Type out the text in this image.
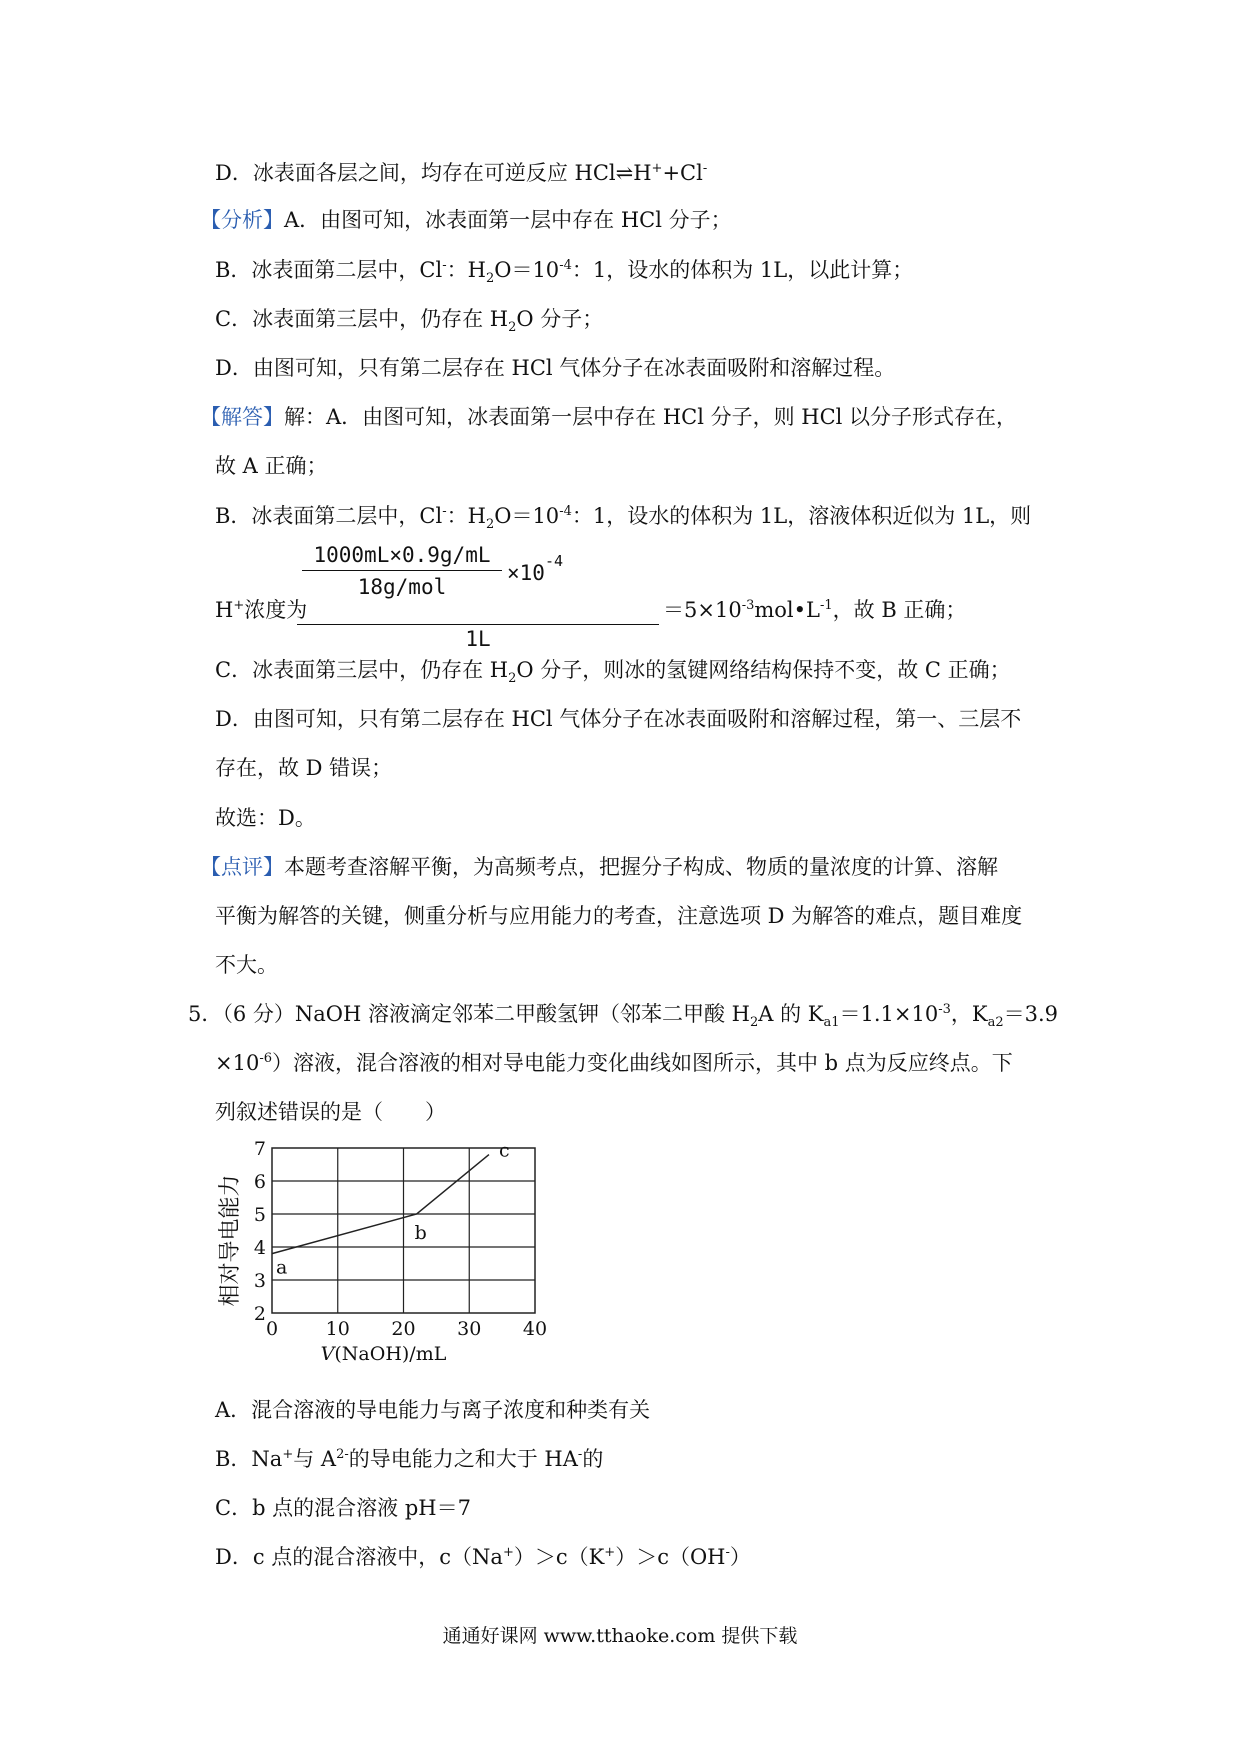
D．冰表面各层之间，均存在可逆反应 HCl⇌H++Cl-
【分析】A．由图可知，冰表面第一层中存在 HCl 分子；
B．冰表面第二层中，Cl-：$H_2O=10^{-4}$：1，设水的体积为 1L，以此计算；
C．冰表面第三层中，仍存在 $H_2O$ 分子；
D．由图可知，只有第二层存在 HCl 气体分子在冰表面吸附和溶解过程。
【解答】解：A．由图可知，冰表面第一层中存在 HCl 分子，则 HCl 以分子形式存在，
故 A 正确；
B．冰表面第二层中，Cl-：$H_2O=10^{-4}$：1，设水的体积为 1L，溶液体积近似为 1L，则
H+浓度为
1000mL×0.9g/mL
18g/mol
$\times 10^{-4}$
1L
$=5\times 10^{-3}mol•L^{-1}$，故 B 正确；
C．冰表面第三层中，仍存在 $H_2O$ 分子，则冰的氢键网络结构保持不变，故 C 正确；
D．由图可知，只有第二层存在 HCl 气体分子在冰表面吸附和溶解过程，第一、三层不
存在，故 D 错误；
故选：D。
【点评】本题考查溶解平衡，为高频考点，把握分子构成、物质的量浓度的计算、溶解
平衡为解答的关键，侧重分析与应用能力的考查，注意选项 D 为解答的难点，题目难度
不大。
5．（6 分）NaOH 溶液滴定邻苯二甲酸氢钾（邻苯二甲酸 $H_2A$ 的 $K_{a1}=1.1\times 10^{-3}$，$K_{a2}=3.9$
$\times 10^{-6}$）溶液，混合溶液的相对导电能力变化曲线如图所示，其中 b 点为反应终点。下
列叙述错误的是（　　）
0	10 20 30 40
2
3
4
5
6
7
a
b
c
相对导电能力
V(NaOH)/mL
A．混合溶液的导电能力与离子浓度和种类有关
B．Na+与 $A^{2-}$的导电能力之和大于 HA-的
C．b 点的混合溶液 pH＝7
D．c 点的混合溶液中，c（Na+）＞c（K+）＞c（OH-）
通通好课网 www.tthaoke.com 提供下载
